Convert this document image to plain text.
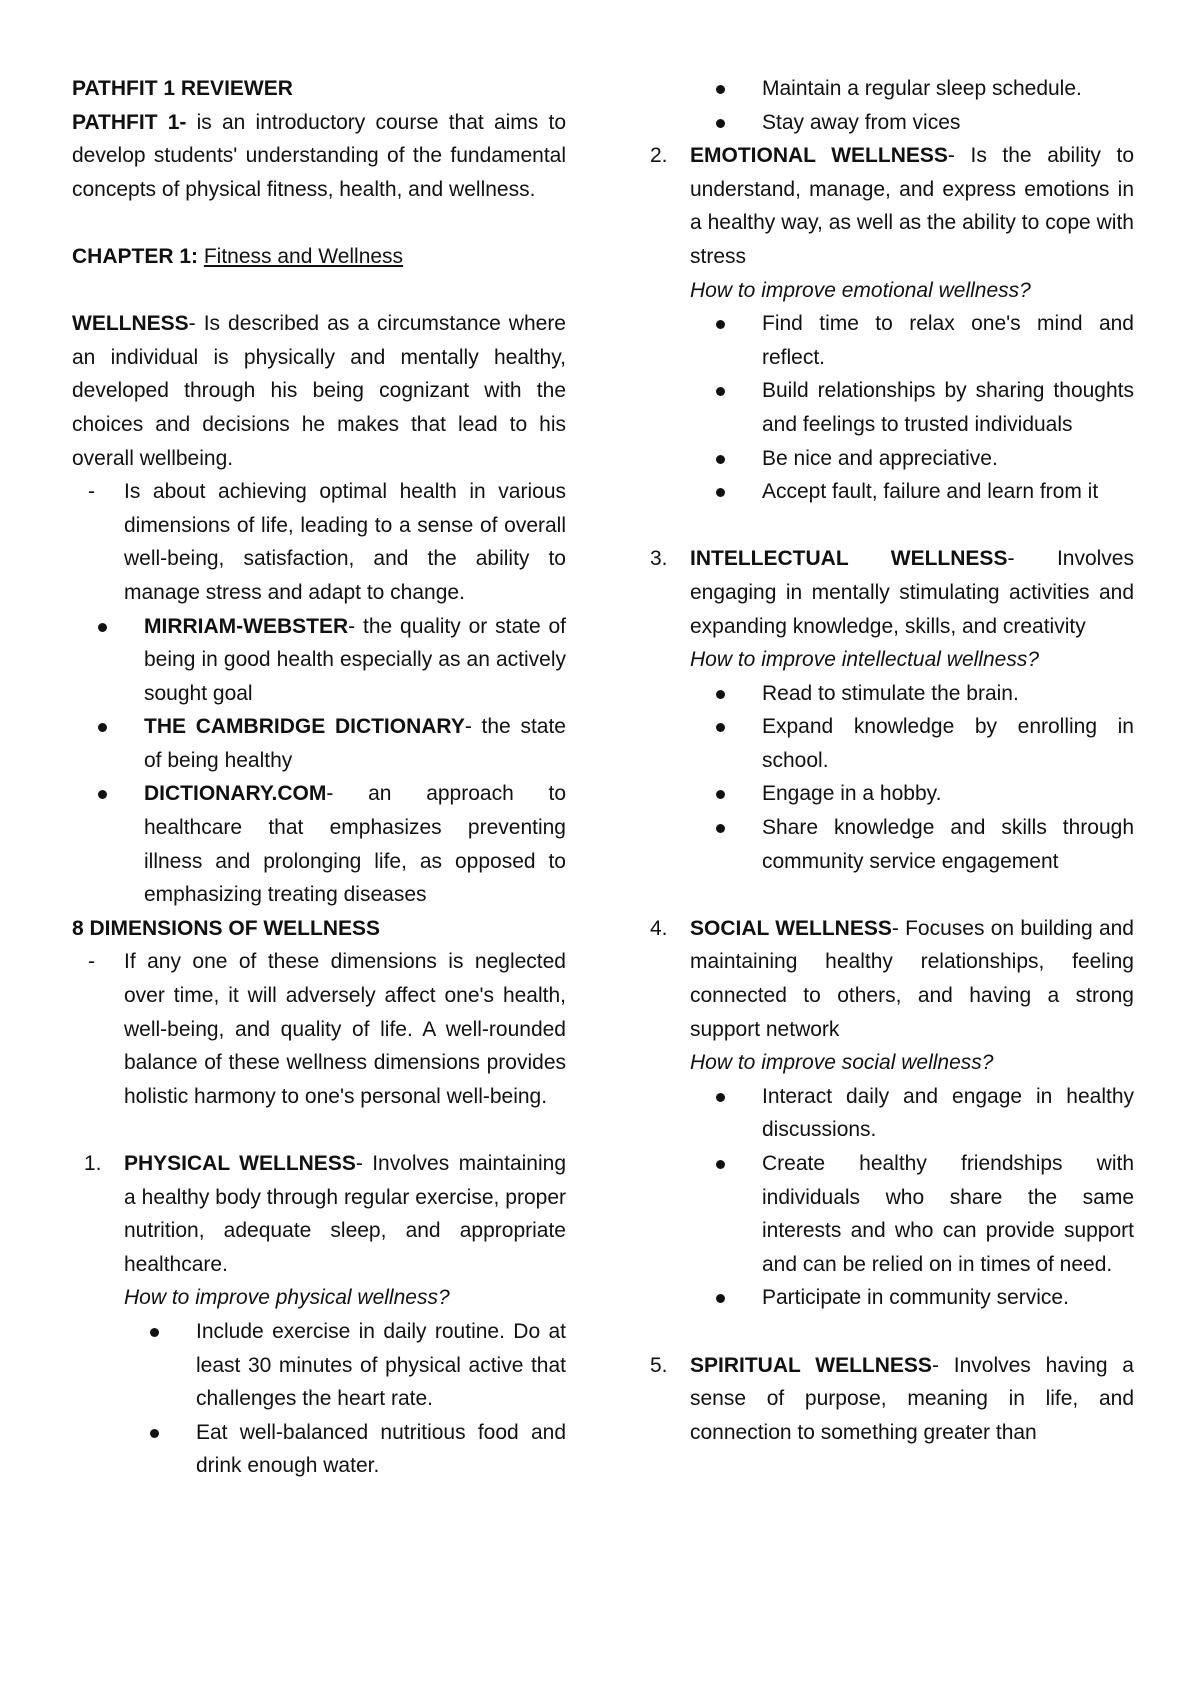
PATHFIT 1 REVIEWER
PATHFIT 1- is an introductory course that aims to develop students' understanding of the fundamental concepts of physical fitness, health, and wellness.
CHAPTER 1: Fitness and Wellness
WELLNESS- Is described as a circumstance where an individual is physically and mentally healthy, developed through his being cognizant with the choices and decisions he makes that lead to his overall wellbeing.
- Is about achieving optimal health in various dimensions of life, leading to a sense of overall well-being, satisfaction, and the ability to manage stress and adapt to change.
MIRRIAM-WEBSTER- the quality or state of being in good health especially as an actively sought goal
THE CAMBRIDGE DICTIONARY- the state of being healthy
DICTIONARY.COM- an approach to healthcare that emphasizes preventing illness and prolonging life, as opposed to emphasizing treating diseases
8 DIMENSIONS OF WELLNESS
- If any one of these dimensions is neglected over time, it will adversely affect one's health, well-being, and quality of life. A well-rounded balance of these wellness dimensions provides holistic harmony to one's personal well-being.
1. PHYSICAL WELLNESS- Involves maintaining a healthy body through regular exercise, proper nutrition, adequate sleep, and appropriate healthcare.
How to improve physical wellness?
Include exercise in daily routine. Do at least 30 minutes of physical active that challenges the heart rate.
Eat well-balanced nutritious food and drink enough water.
Maintain a regular sleep schedule.
Stay away from vices
2. EMOTIONAL WELLNESS- Is the ability to understand, manage, and express emotions in a healthy way, as well as the ability to cope with stress
How to improve emotional wellness?
Find time to relax one's mind and reflect.
Build relationships by sharing thoughts and feelings to trusted individuals
Be nice and appreciative.
Accept fault, failure and learn from it
3. INTELLECTUAL WELLNESS- Involves engaging in mentally stimulating activities and expanding knowledge, skills, and creativity
How to improve intellectual wellness?
Read to stimulate the brain.
Expand knowledge by enrolling in school.
Engage in a hobby.
Share knowledge and skills through community service engagement
4. SOCIAL WELLNESS- Focuses on building and maintaining healthy relationships, feeling connected to others, and having a strong support network
How to improve social wellness?
Interact daily and engage in healthy discussions.
Create healthy friendships with individuals who share the same interests and who can provide support and can be relied on in times of need.
Participate in community service.
5. SPIRITUAL WELLNESS- Involves having a sense of purpose, meaning in life, and connection to something greater than
